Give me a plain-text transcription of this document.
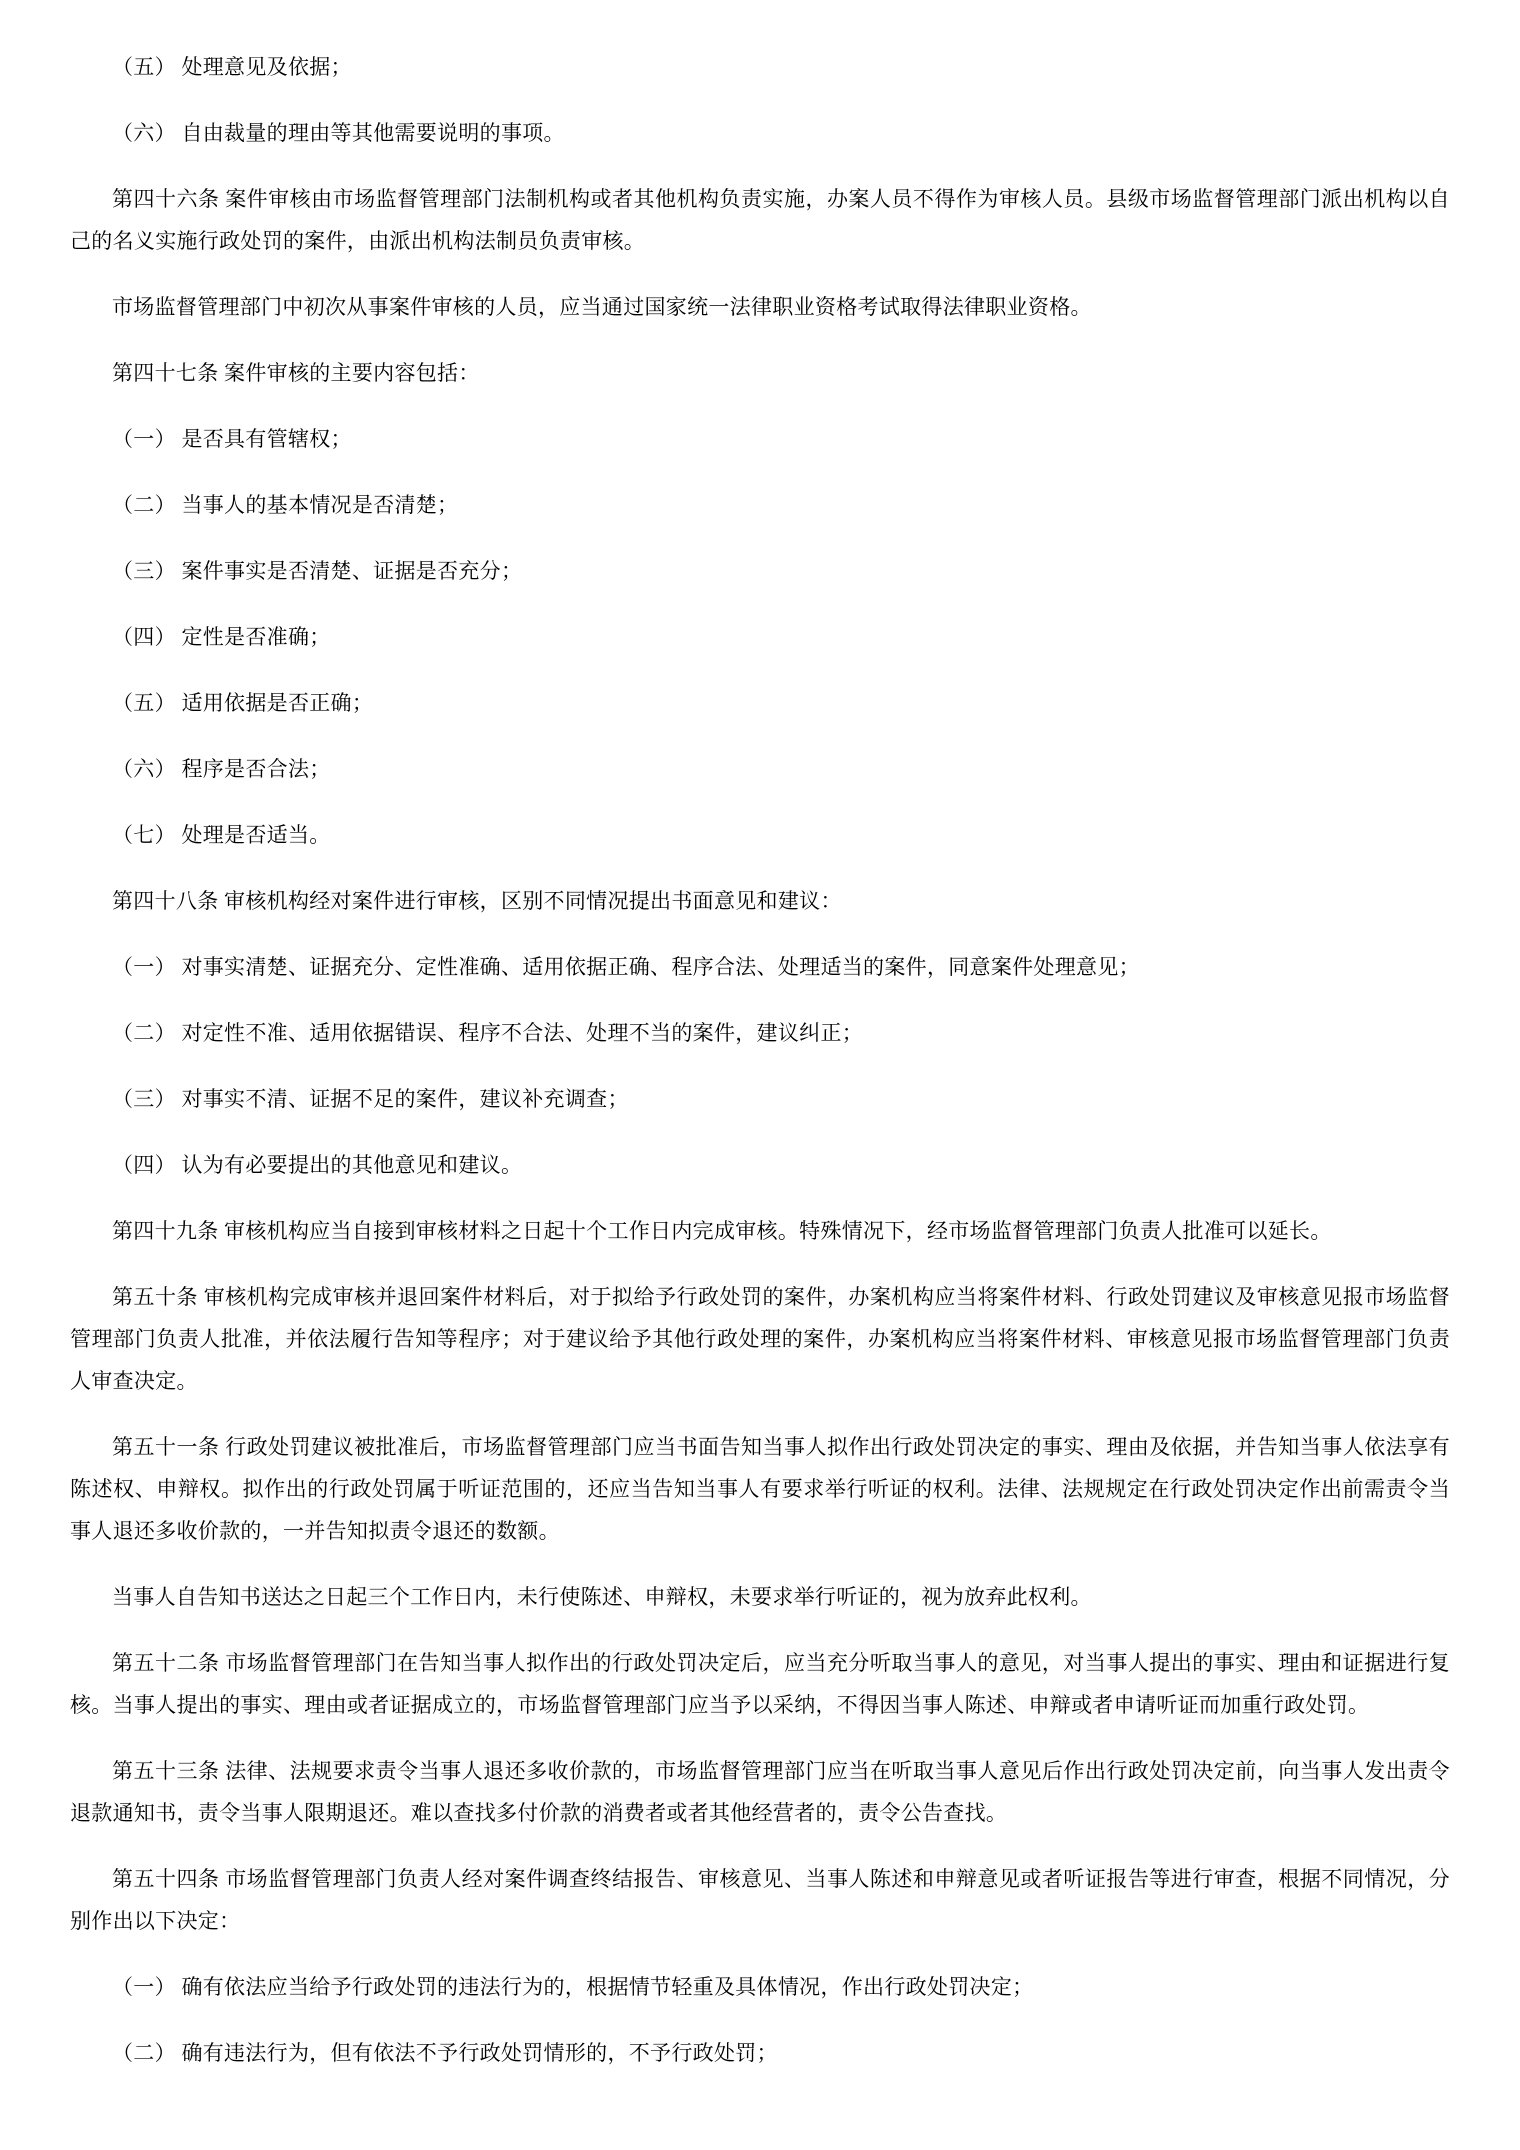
（五） 处理意见及依据；

（六） 自由裁量的理由等其他需要说明的事项。

第四十六条 案件审核由市场监督管理部门法制机构或者其他机构负责实施，办案人员不得作为审核人员。县级市场监督管理部门派出机构以自己的名义实施行政处罚的案件，由派出机构法制员负责审核。

市场监督管理部门中初次从事案件审核的人员，应当通过国家统一法律职业资格考试取得法律职业资格。

第四十七条 案件审核的主要内容包括：

（一） 是否具有管辖权；

（二） 当事人的基本情况是否清楚；

（三） 案件事实是否清楚、证据是否充分；

（四） 定性是否准确；

（五） 适用依据是否正确；

（六） 程序是否合法；

（七） 处理是否适当。

第四十八条 审核机构经对案件进行审核，区别不同情况提出书面意见和建议：

（一） 对事实清楚、证据充分、定性准确、适用依据正确、程序合法、处理适当的案件，同意案件处理意见；

（二） 对定性不准、适用依据错误、程序不合法、处理不当的案件，建议纠正；

（三） 对事实不清、证据不足的案件，建议补充调查；

（四） 认为有必要提出的其他意见和建议。

第四十九条 审核机构应当自接到审核材料之日起十个工作日内完成审核。特殊情况下，经市场监督管理部门负责人批准可以延长。

第五十条 审核机构完成审核并退回案件材料后，对于拟给予行政处罚的案件，办案机构应当将案件材料、行政处罚建议及审核意见报市场监督管理部门负责人批准，并依法履行告知等程序；对于建议给予其他行政处理的案件，办案机构应当将案件材料、审核意见报市场监督管理部门负责人审查决定。

第五十一条 行政处罚建议被批准后，市场监督管理部门应当书面告知当事人拟作出行政处罚决定的事实、理由及依据，并告知当事人依法享有陈述权、申辩权。拟作出的行政处罚属于听证范围的，还应当告知当事人有要求举行听证的权利。法律、法规规定在行政处罚决定作出前需责令当事人退还多收价款的，一并告知拟责令退还的数额。

当事人自告知书送达之日起三个工作日内，未行使陈述、申辩权，未要求举行听证的，视为放弃此权利。

第五十二条 市场监督管理部门在告知当事人拟作出的行政处罚决定后，应当充分听取当事人的意见，对当事人提出的事实、理由和证据进行复核。当事人提出的事实、理由或者证据成立的，市场监督管理部门应当予以采纳，不得因当事人陈述、申辩或者申请听证而加重行政处罚。

第五十三条 法律、法规要求责令当事人退还多收价款的，市场监督管理部门应当在听取当事人意见后作出行政处罚决定前，向当事人发出责令退款通知书，责令当事人限期退还。难以查找多付价款的消费者或者其他经营者的，责令公告查找。

第五十四条 市场监督管理部门负责人经对案件调查终结报告、审核意见、当事人陈述和申辩意见或者听证报告等进行审查，根据不同情况，分别作出以下决定：

（一） 确有依法应当给予行政处罚的违法行为的，根据情节轻重及具体情况，作出行政处罚决定；

（二） 确有违法行为，但有依法不予行政处罚情形的，不予行政处罚；
